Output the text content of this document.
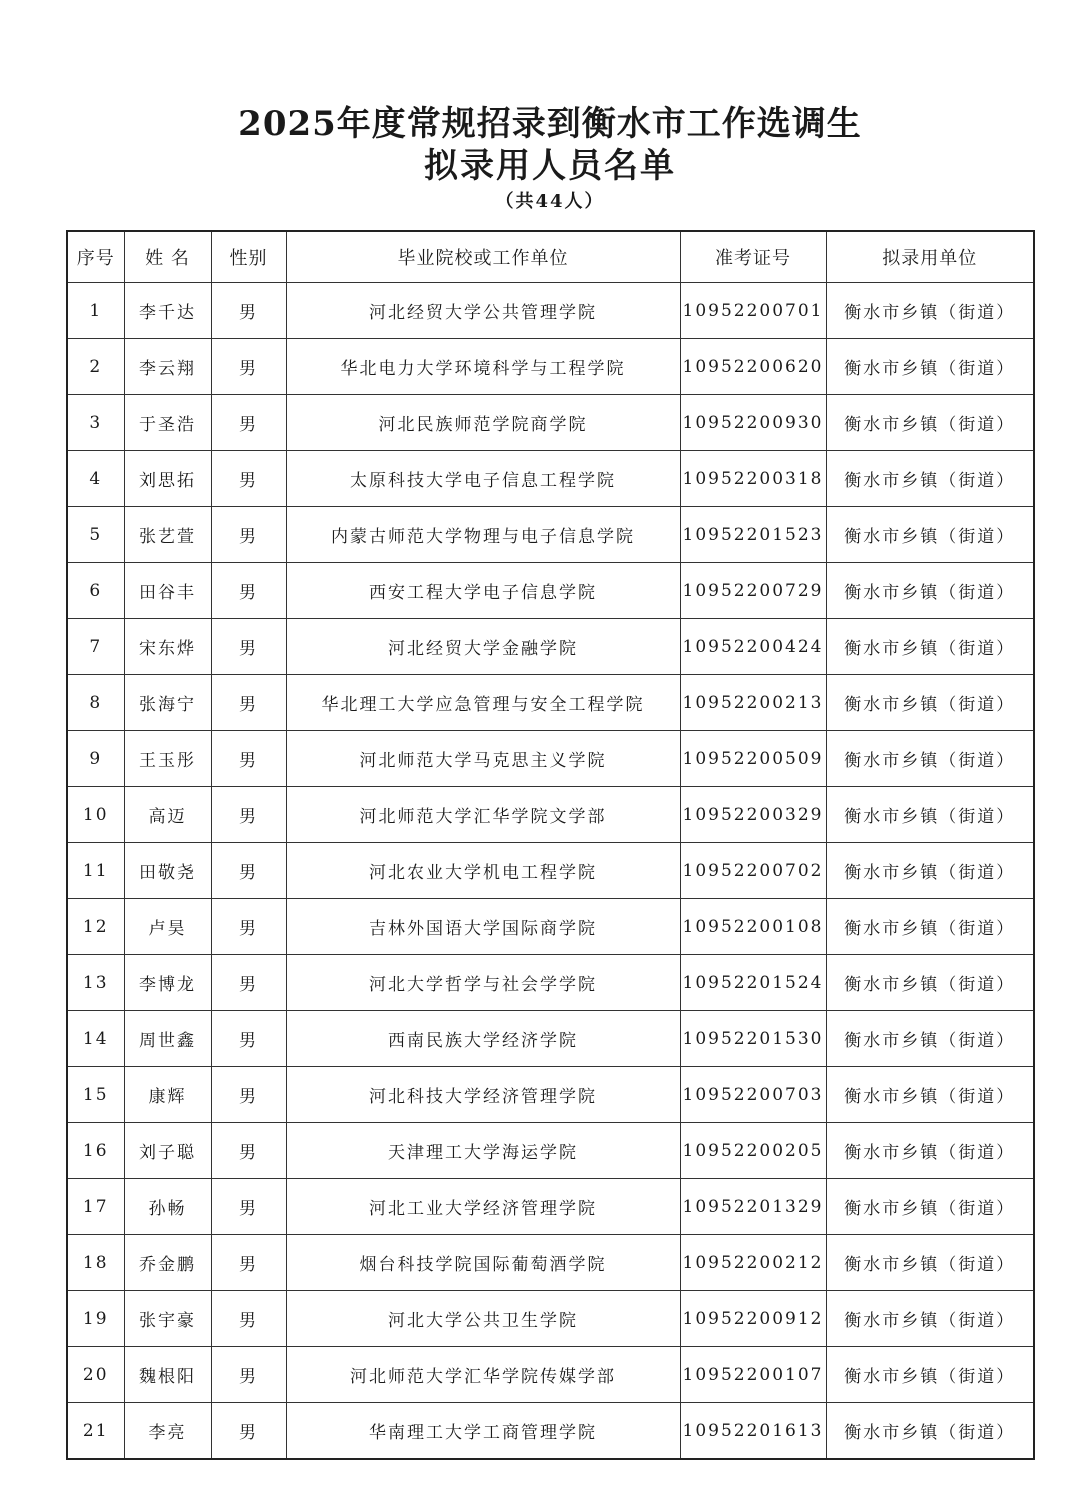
2025年度常规招录到衡水市工作选调生
拟录用人员名单
（共44人）
序号	姓 名	性别	毕业院校或工作单位	准考证号	拟录用单位
1	李千达	男	河北经贸大学公共管理学院	10952200701	衡水市乡镇（街道）
2	李云翔	男	华北电力大学环境科学与工程学院	10952200620	衡水市乡镇（街道）
3	于圣浩	男	河北民族师范学院商学院	10952200930	衡水市乡镇（街道）
4	刘思拓	男	太原科技大学电子信息工程学院	10952200318	衡水市乡镇（街道）
5	张艺萱	男	内蒙古师范大学物理与电子信息学院	10952201523	衡水市乡镇（街道）
6	田谷丰	男	西安工程大学电子信息学院	10952200729	衡水市乡镇（街道）
7	宋东烨	男	河北经贸大学金融学院	10952200424	衡水市乡镇（街道）
8	张海宁	男	华北理工大学应急管理与安全工程学院	10952200213	衡水市乡镇（街道）
9	王玉彤	男	河北师范大学马克思主义学院	10952200509	衡水市乡镇（街道）
10	高迈	男	河北师范大学汇华学院文学部	10952200329	衡水市乡镇（街道）
11	田敬尧	男	河北农业大学机电工程学院	10952200702	衡水市乡镇（街道）
12	卢昊	男	吉林外国语大学国际商学院	10952200108	衡水市乡镇（街道）
13	李博龙	男	河北大学哲学与社会学学院	10952201524	衡水市乡镇（街道）
14	周世鑫	男	西南民族大学经济学院	10952201530	衡水市乡镇（街道）
15	康辉	男	河北科技大学经济管理学院	10952200703	衡水市乡镇（街道）
16	刘子聪	男	天津理工大学海运学院	10952200205	衡水市乡镇（街道）
17	孙畅	男	河北工业大学经济管理学院	10952201329	衡水市乡镇（街道）
18	乔金鹏	男	烟台科技学院国际葡萄酒学院	10952200212	衡水市乡镇（街道）
19	张宇豪	男	河北大学公共卫生学院	10952200912	衡水市乡镇（街道）
20	魏根阳	男	河北师范大学汇华学院传媒学部	10952200107	衡水市乡镇（街道）
21	李亮	男	华南理工大学工商管理学院	10952201613	衡水市乡镇（街道）
